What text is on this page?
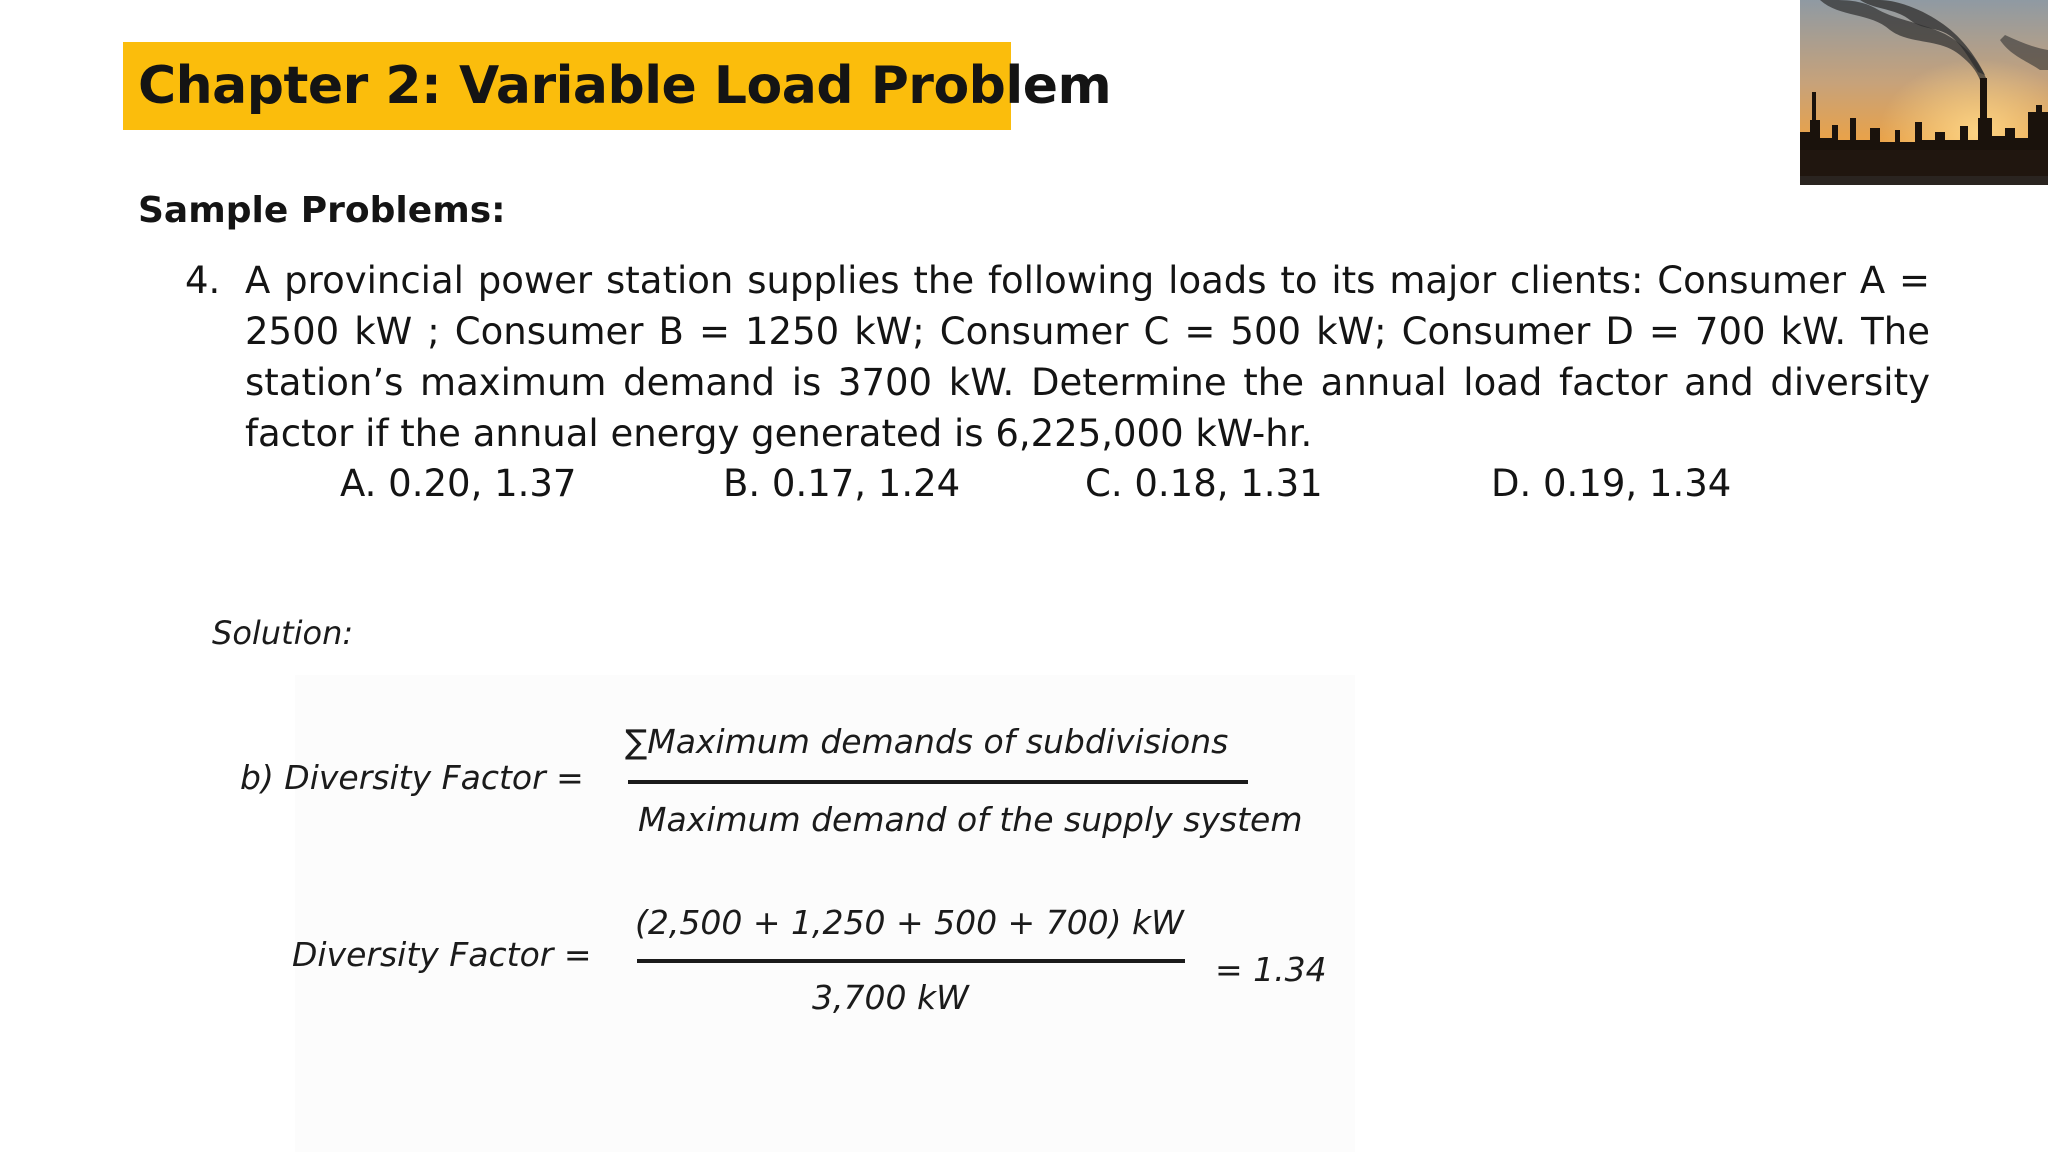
Chapter 2: Variable Load Problem
Sample Problems:
4. A provincial power station supplies the following loads to its major clients: Consumer A = 2500 kW ; Consumer B = 1250 kW; Consumer C = 500 kW; Consumer D = 700 kW. The station’s maximum demand is 3700 kW. Determine the annual load factor and diversity factor if the annual energy generated is 6,225,000 kW-hr.
A. 0.20, 1.37	B. 0.17, 1.24	C. 0.18, 1.31	D. 0.19, 1.34
Solution:
b) Diversity Factor =
∑Maximum demands of subdivisions
Maximum demand of the supply system
Diversity Factor =
(2,500 + 1,250 + 500 + 700) kW
3,700 kW
= 1.34
